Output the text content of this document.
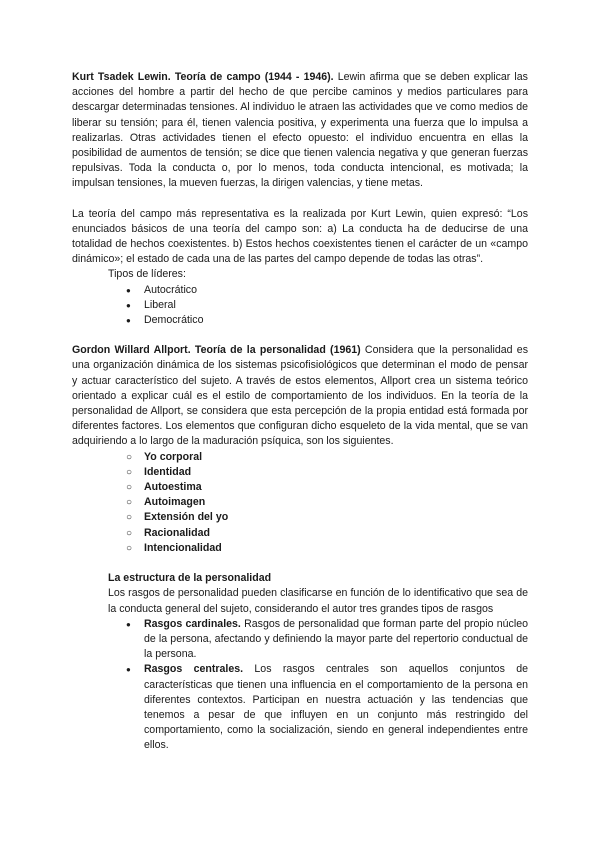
Kurt Tsadek Lewin. Teoría de campo (1944 - 1946). Lewin afirma que se deben explicar las acciones del hombre a partir del hecho de que percibe caminos y medios particulares para descargar determinadas tensiones. Al individuo le atraen las actividades que ve como medios de liberar su tensión; para él, tienen valencia positiva, y experimenta una fuerza que lo impulsa a realizarlas. Otras actividades tienen el efecto opuesto: el individuo encuentra en ellas la posibilidad de aumentos de tensión; se dice que tienen valencia negativa y que generan fuerzas repulsivas. Toda la conducta o, por lo menos, toda conducta intencional, es motivada; la impulsan tensiones, la mueven fuerzas, la dirigen valencias, y tiene metas.

La teoría del campo más representativa es la realizada por Kurt Lewin, quien expresó: “Los enunciados básicos de una teoría del campo son: a) La conducta ha de deducirse de una totalidad de hechos coexistentes. b) Estos hechos coexistentes tienen el carácter de un «campo dinámico»; el estado de cada una de las partes del campo depende de todas las otras”.

Tipos de líderes:
● Autocrático
● Liberal
● Democrático

Gordon Willard Allport. Teoría de la personalidad (1961) Considera que la personalidad es una organización dinámica de los sistemas psicofisiológicos que determinan el modo de pensar y actuar característico del sujeto. A través de estos elementos, Allport crea un sistema teórico orientado a explicar cuál es el estilo de comportamiento de los individuos. En la teoría de la personalidad de Allport, se considera que esta percepción de la propia entidad está formada por diferentes factores. Los elementos que configuran dicho esqueleto de la vida mental, que se van adquiriendo a lo largo de la maduración psíquica, son los siguientes.

○ Yo corporal
○ Identidad
○ Autoestima
○ Autoimagen
○ Extensión del yo
○ Racionalidad
○ Intencionalidad
La estructura de la personalidad

Los rasgos de personalidad pueden clasificarse en función de lo identificativo que sea de la conducta general del sujeto, considerando el autor tres grandes tipos de rasgos

● Rasgos cardinales. Rasgos de personalidad que forman parte del propio núcleo de la persona, afectando y definiendo la mayor parte del repertorio conductual de la persona.
● Rasgos centrales. Los rasgos centrales son aquellos conjuntos de características que tienen una influencia en el comportamiento de la persona en diferentes contextos. Participan en nuestra actuación y las tendencias que tenemos a pesar de que influyen en un conjunto más restringido del comportamiento, como la socialización, siendo en general independientes entre ellos.
